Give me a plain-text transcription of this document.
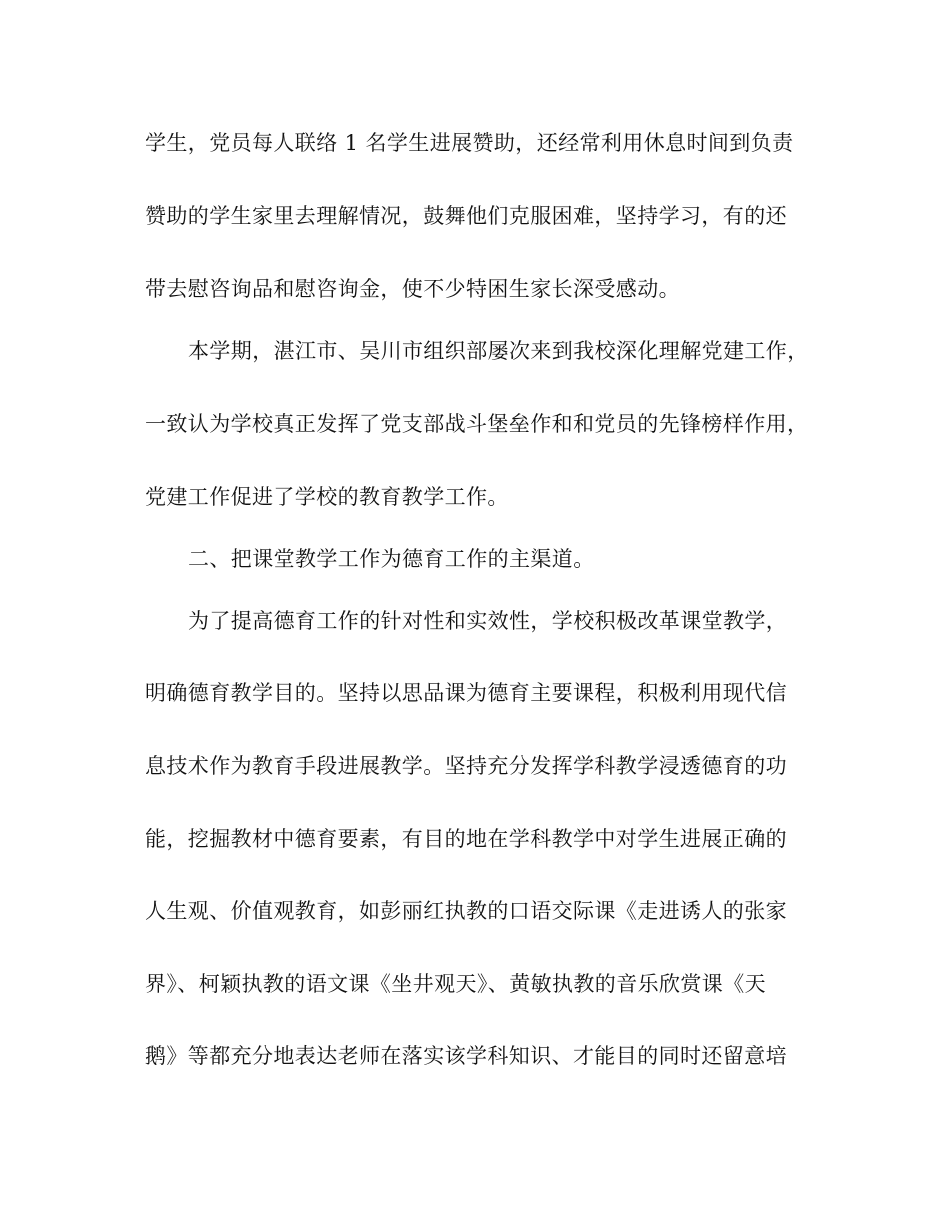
学生，党员每人联络 1 名学生进展赞助，还经常利用休息时间到负责
赞助的学生家里去理解情况，鼓舞他们克服困难，坚持学习，有的还
带去慰咨询品和慰咨询金，使不少特困生家长深受感动。
本学期，湛江市、吴川市组织部屡次来到我校深化理解党建工作，
一致认为学校真正发挥了党支部战斗堡垒作和和党员的先锋榜样作用，
党建工作促进了学校的教育教学工作。
二、把课堂教学工作为德育工作的主渠道。
为了提高德育工作的针对性和实效性，学校积极改革课堂教学，
明确德育教学目的。坚持以思品课为德育主要课程，积极利用现代信
息技术作为教育手段进展教学。坚持充分发挥学科教学浸透德育的功
能，挖掘教材中德育要素，有目的地在学科教学中对学生进展正确的
人生观、价值观教育，如彭丽红执教的口语交际课《走进诱人的张家
界》、柯颖执教的语文课《坐井观天》、黄敏执教的音乐欣赏课《天
鹅》等都充分地表达老师在落实该学科知识、才能目的同时还留意培
